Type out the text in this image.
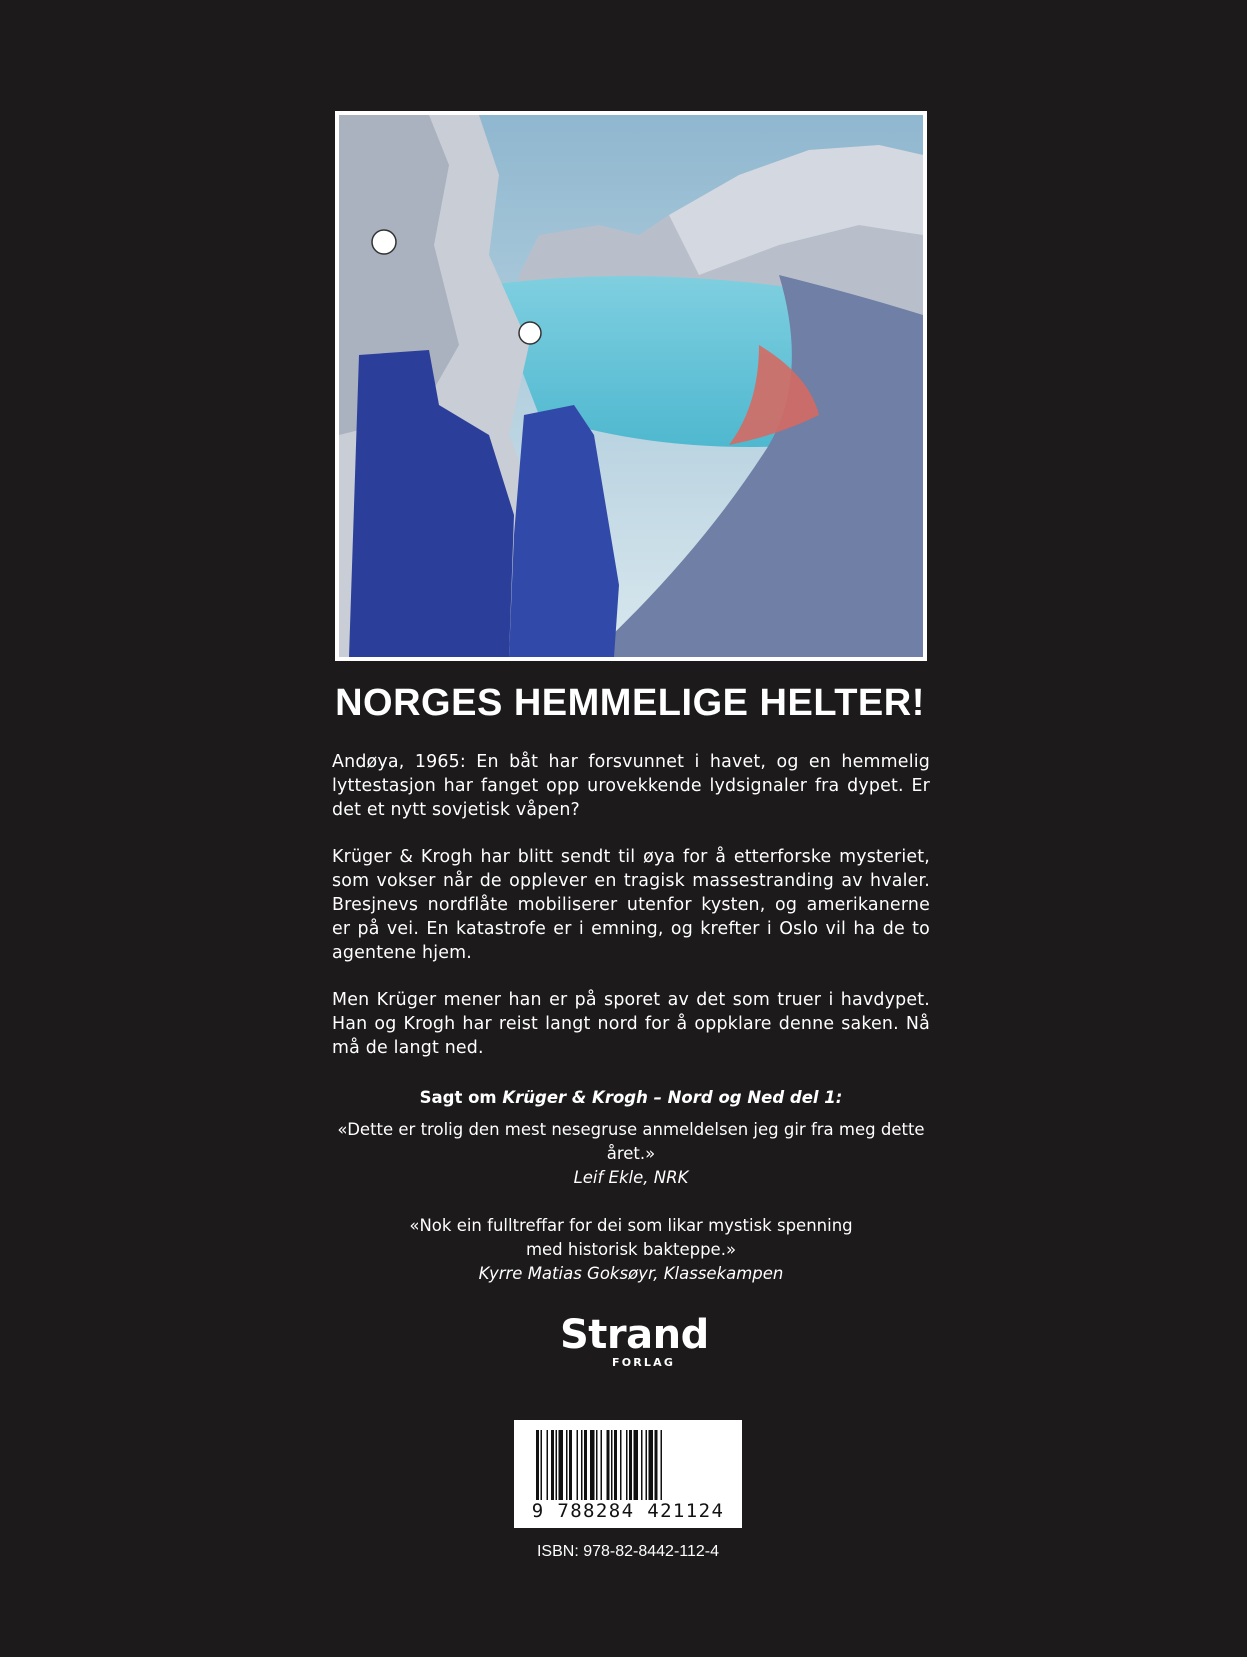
NORGES HEMMELIGE HELTER!

Andøya, 1965: En båt har forsvunnet i havet, og en hemmelig lyttestasjon har fanget opp urovekkende lydsignaler fra dypet. Er det et nytt sovjetisk våpen?

Krüger & Krogh har blitt sendt til øya for å etterforske mysteriet, som vokser når de opplever en tragisk massestranding av hvaler. Bresjnevs nordflåte mobiliserer utenfor kysten, og amerikanerne er på vei. En katastrofe er i emning, og krefter i Oslo vil ha de to agentene hjem.

Men Krüger mener han er på sporet av det som truer i havdypet. Han og Krogh har reist langt nord for å oppklare denne saken. Nå må de langt ned.

Sagt om Krüger & Krogh – Nord og Ned del 1:
«Dette er trolig den mest nesegruse anmeldelsen jeg gir fra meg dette året.»
Leif Ekle, NRK
«Nok ein fulltreffar for dei som likar mystisk spenning
med historisk bakteppe.»
Kyrre Matias Goksøyr, Klassekampen
Strand
FORLAG
9 788284 421124
ISBN: 978-82-8442-112-4
